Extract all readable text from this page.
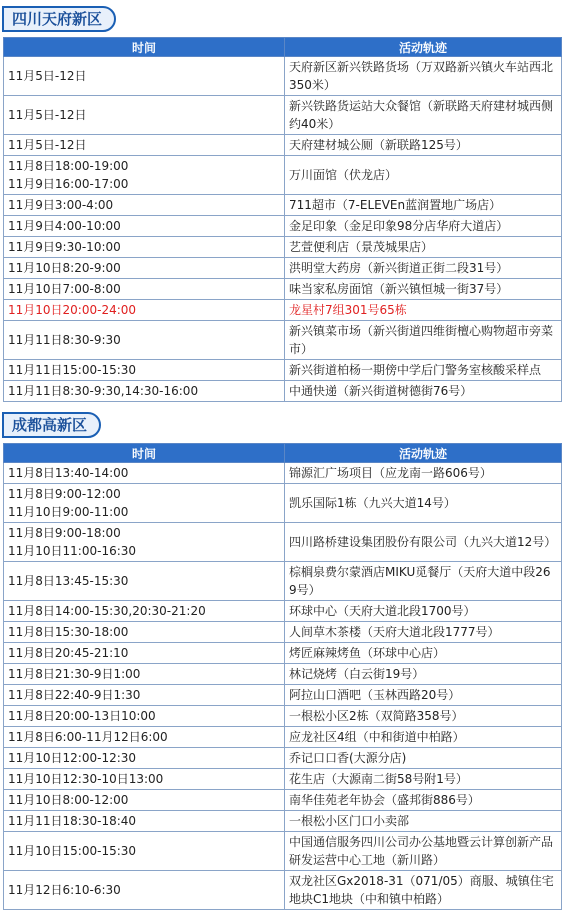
四川天府新区
时间	活动轨迹

11月5日-12日	天府新区新兴铁路货场（万双路新兴镇火车站西北350米）

11月5日-12日	新兴铁路货运站大众餐馆（新联路天府建材城西侧约40米）

11月5日-12日	天府建材城公厕（新联路125号）

11月8日18:00-19:00
11月9日16:00-17:00	万川面馆（伏龙店）

11月9日3:00-4:00	711超市（7-ELEVEn蓝润置地广场店）

11月9日4:00-10:00	金足印象（金足印象98分店华府大道店）

11月9日9:30-10:00	艺萱便利店（景茂城果店）

11月10日8:20-9:00	洪明堂大药房（新兴街道正街二段31号）

11月10日7:00-8:00	味当家私房面馆（新兴镇恒城一街37号）

11月10日20:00-24:00	龙星村7组301号65栋

11月11日8:30-9:30	新兴镇菜市场（新兴街道四维街檀心购物超市旁菜市）

11月11日15:00-15:30	新兴街道柏杨一期傍中学后门警务室核酸采样点

11月11日8:30-9:30,14:30-16:00	中通快递（新兴街道树德街76号）
成都高新区
时间	活动轨迹

11月8日13:40-14:00	锦源汇广场项目（应龙南一路606号）

11月8日9:00-12:00
11月10日9:00-11:00	凯乐国际1栋（九兴大道14号）

11月8日9:00-18:00
11月10日11:00-16:30	四川路桥建设集团股份有限公司（九兴大道12号）

11月8日13:45-15:30	棕榈泉费尔蒙酒店MIKU觅餐厅（天府大道中段269号）

11月8日14:00-15:30,20:30-21:20	环球中心（天府大道北段1700号）

11月8日15:30-18:00	人间草木茶楼（天府大道北段1777号）

11月8日20:45-21:10	烤匠麻辣烤鱼（环球中心店）

11月8日21:30-9日1:00	林记烧烤（白云街19号）

11月8日22:40-9日1:30	阿拉山口酒吧（玉林西路20号）

11月8日20:00-13日10:00	一根松小区2栋（双简路358号）

11月8日6:00-11月12日6:00	应龙社区4组（中和街道中柏路）

11月10日12:00-12:30	乔记口口香(大源分店)

11月10日12:30-10日13:00	花生店（大源南二街58号附1号）

11月10日8:00-12:00	南华佳苑老年协会（盛邦街886号）

11月11日18:30-18:40	一根松小区门口小卖部

11月10日15:00-15:30	中国通信服务四川公司办公基地暨云计算创新产品研发运营中心工地（新川路）

11月12日6:10-6:30	双龙社区Gx2018-31（071/05）商服、城镇住宅地块C1地块（中和镇中柏路）
